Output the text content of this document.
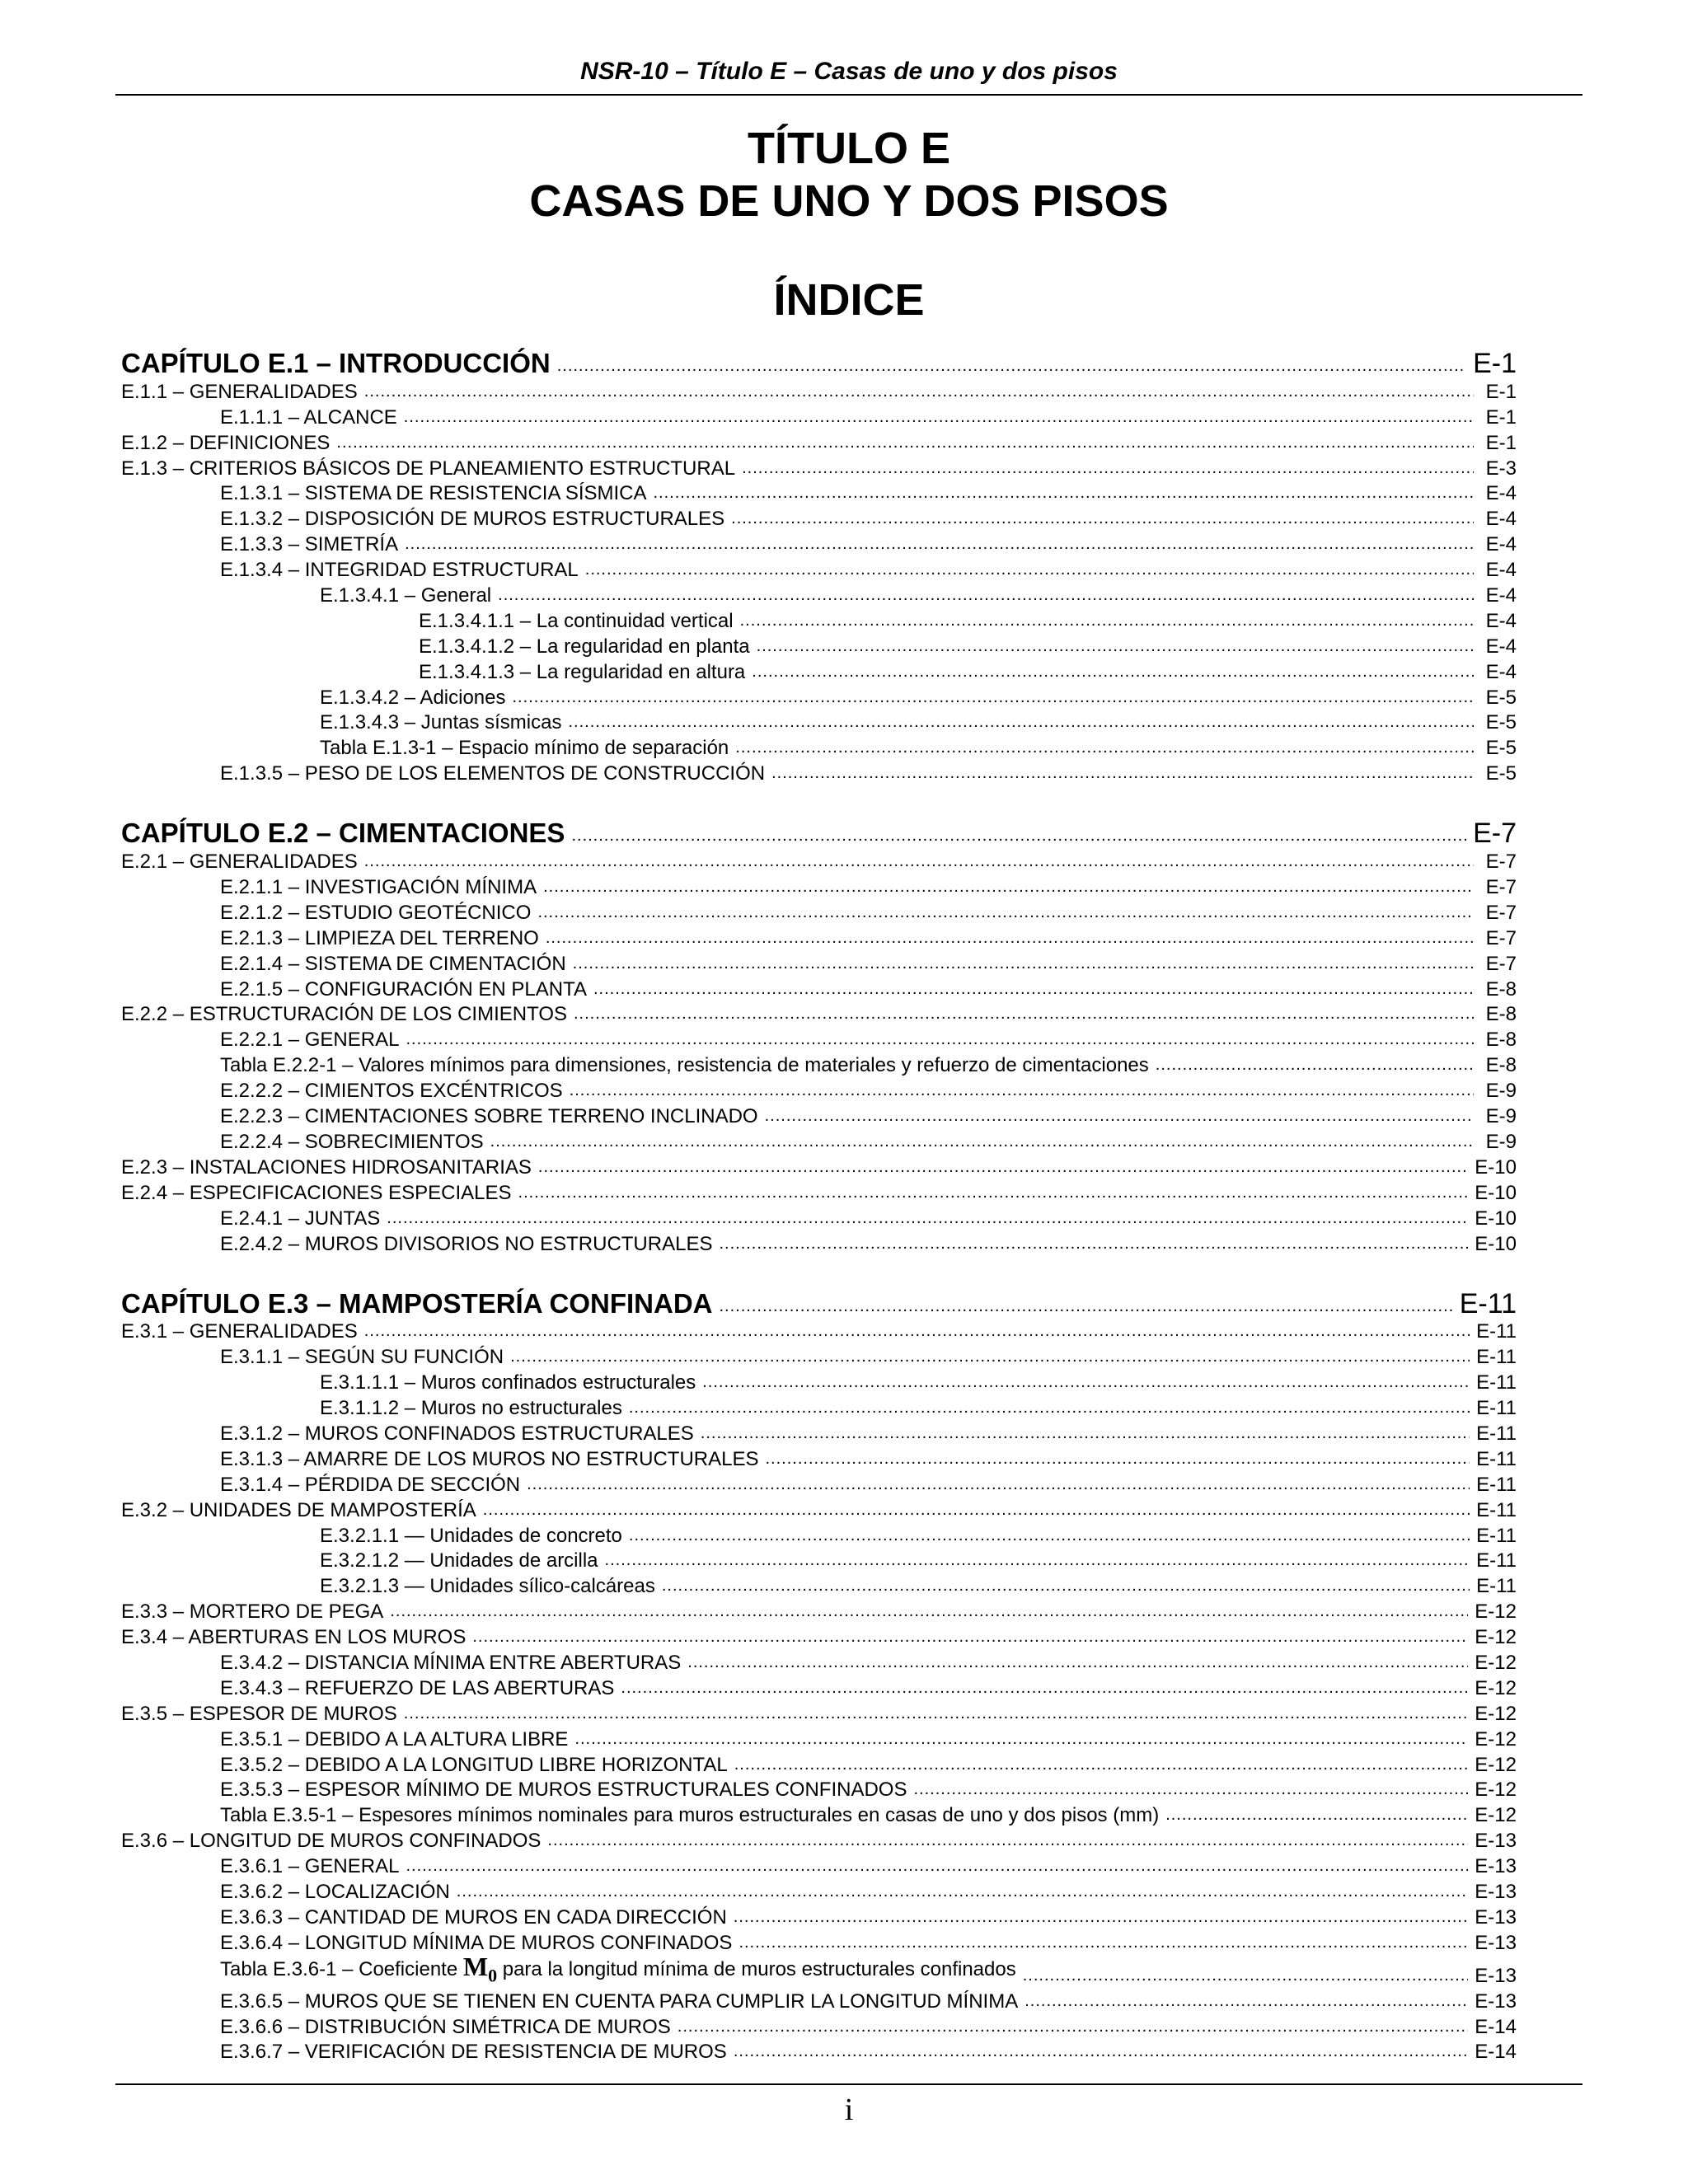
NSR-10 – Título E – Casas de uno y dos pisos
TÍTULO E
CASAS DE UNO Y DOS PISOS
ÍNDICE
CAPÍTULO E.1 – INTRODUCCIÓN .....	E-1
E.1.1 – GENERALIDADES .....	E-1
E.1.1.1 – ALCANCE .....	E-1
E.1.2 – DEFINICIONES .....	E-1
E.1.3 – CRITERIOS BÁSICOS DE PLANEAMIENTO ESTRUCTURAL .....	E-3
E.1.3.1 – SISTEMA DE RESISTENCIA SÍSMICA .....	E-4
E.1.3.2 – DISPOSICIÓN DE MUROS ESTRUCTURALES .....	E-4
E.1.3.3 – SIMETRÍA .....	E-4
E.1.3.4 – INTEGRIDAD ESTRUCTURAL .....	E-4
E.1.3.4.1 – General .....	E-4
E.1.3.4.1.1 – La continuidad vertical .....	E-4
E.1.3.4.1.2 – La regularidad en planta .....	E-4
E.1.3.4.1.3 – La regularidad en altura .....	E-4
E.1.3.4.2 – Adiciones .....	E-5
E.1.3.4.3 – Juntas sísmicas .....	E-5
Tabla E.1.3-1 – Espacio mínimo de separación .....	E-5
E.1.3.5 – PESO DE LOS ELEMENTOS DE CONSTRUCCIÓN .....	E-5
CAPÍTULO E.2 – CIMENTACIONES .....	E-7
E.2.1 – GENERALIDADES .....	E-7
E.2.1.1 – INVESTIGACIÓN MÍNIMA .....	E-7
E.2.1.2 – ESTUDIO GEOTÉCNICO .....	E-7
E.2.1.3 – LIMPIEZA DEL TERRENO .....	E-7
E.2.1.4 – SISTEMA DE CIMENTACIÓN .....	E-7
E.2.1.5 – CONFIGURACIÓN EN PLANTA .....	E-8
E.2.2 – ESTRUCTURACIÓN DE LOS CIMIENTOS .....	E-8
E.2.2.1 – GENERAL .....	E-8
Tabla E.2.2-1 – Valores mínimos para dimensiones, resistencia de materiales y refuerzo de cimentaciones .....	E-8
E.2.2.2 – CIMIENTOS EXCÉNTRICOS .....	E-9
E.2.2.3 – CIMENTACIONES SOBRE TERRENO INCLINADO .....	E-9
E.2.2.4 – SOBRECIMIENTOS .....	E-9
E.2.3 – INSTALACIONES HIDROSANITARIAS .....	E-10
E.2.4 – ESPECIFICACIONES ESPECIALES .....	E-10
E.2.4.1 – JUNTAS .....	E-10
E.2.4.2 – MUROS DIVISORIOS NO ESTRUCTURALES .....	E-10
CAPÍTULO E.3 – MAMPOSTERÍA CONFINADA .....	E-11
E.3.1 – GENERALIDADES .....	E-11
E.3.1.1 – SEGÚN SU FUNCIÓN .....	E-11
E.3.1.1.1 – Muros confinados estructurales .....	E-11
E.3.1.1.2 – Muros no estructurales .....	E-11
E.3.1.2 – MUROS CONFINADOS ESTRUCTURALES .....	E-11
E.3.1.3 – AMARRE DE LOS MUROS NO ESTRUCTURALES .....	E-11
E.3.1.4 – PÉRDIDA DE SECCIÓN .....	E-11
E.3.2 – UNIDADES DE MAMPOSTERÍA .....	E-11
E.3.2.1.1 — Unidades de concreto .....	E-11
E.3.2.1.2 — Unidades de arcilla .....	E-11
E.3.2.1.3 — Unidades sílico-calcáreas .....	E-11
E.3.3 – MORTERO DE PEGA .....	E-12
E.3.4 – ABERTURAS EN LOS MUROS .....	E-12
E.3.4.2 – DISTANCIA MÍNIMA ENTRE ABERTURAS .....	E-12
E.3.4.3 – REFUERZO DE LAS ABERTURAS .....	E-12
E.3.5 – ESPESOR DE MUROS .....	E-12
E.3.5.1 – DEBIDO A LA ALTURA LIBRE .....	E-12
E.3.5.2 – DEBIDO A LA LONGITUD LIBRE HORIZONTAL .....	E-12
E.3.5.3 – ESPESOR MÍNIMO DE MUROS ESTRUCTURALES CONFINADOS .....	E-12
Tabla E.3.5-1 – Espesores mínimos nominales para muros estructurales en casas de uno y dos pisos (mm) .....	E-12
E.3.6 – LONGITUD DE MUROS CONFINADOS .....	E-13
E.3.6.1 – GENERAL .....	E-13
E.3.6.2 – LOCALIZACIÓN .....	E-13
E.3.6.3 – CANTIDAD DE MUROS EN CADA DIRECCIÓN .....	E-13
E.3.6.4 – LONGITUD MÍNIMA DE MUROS CONFINADOS .....	E-13
Tabla E.3.6-1 – Coeficiente $M_0$ para la longitud mínima de muros estructurales confinados .....	E-13
E.3.6.5 – MUROS QUE SE TIENEN EN CUENTA PARA CUMPLIR LA LONGITUD MÍNIMA .....	E-13
E.3.6.6 – DISTRIBUCIÓN SIMÉTRICA DE MUROS .....	E-14
E.3.6.7 – VERIFICACIÓN DE RESISTENCIA DE MUROS .....	E-14
i
